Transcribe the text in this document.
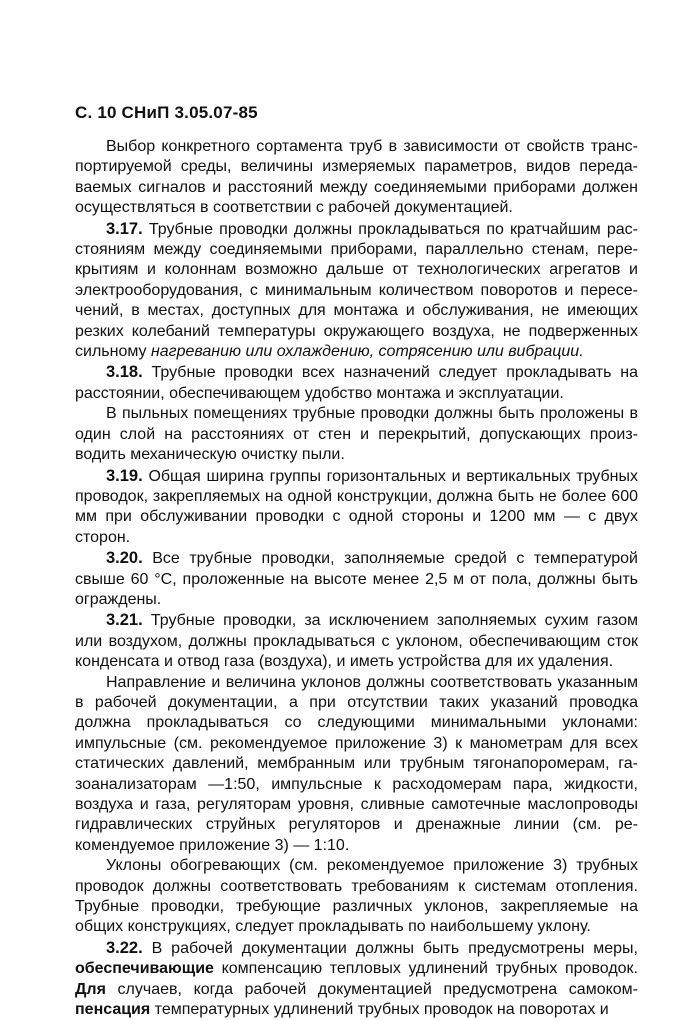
С. 10 СНиП 3.05.07-85

Выбор конкретного сортамента труб в зависимости от свойств транспортируемой среды, величины измеряемых параметров, видов передаваемых сигналов и расстояний между соединяемыми приборами должен осуществляться в соответствии с рабочей документацией.

3.17. Трубные проводки должны прокладываться по кратчайшим расстояниям между соединяемыми приборами, параллельно стенам, перекрытиям и колоннам возможно дальше от технологических агрегатов и электрооборудования, с минимальным количеством поворотов и пересечений, в местах, доступных для монтажа и обслуживания, не имеющих резких колебаний температуры окружающего воздуха, не подверженных сильному нагреванию или охлаждению, сотрясению или вибрации.

3.18. Трубные проводки всех назначений следует прокладывать на расстоянии, обеспечивающем удобство монтажа и эксплуатации.

В пыльных помещениях трубные проводки должны быть проложены в один слой на расстояниях от стен и перекрытий, допускающих производить механическую очистку пыли.

3.19. Общая ширина группы горизонтальных и вертикальных трубных проводок, закрепляемых на одной конструкции, должна быть не более 600 мм при обслуживании проводки с одной стороны и 1200 мм — с двух сторон.

3.20. Все трубные проводки, заполняемые средой с температурой свыше 60 °С, проложенные на высоте менее 2,5 м от пола, должны быть ограждены.

3.21. Трубные проводки, за исключением заполняемых сухим газом или воздухом, должны прокладываться с уклоном, обеспечивающим сток конденсата и отвод газа (воздуха), и иметь устройства для их удаления.

Направление и величина уклонов должны соответствовать указанным в рабочей документации, а при отсутствии таких указаний проводка должна прокладываться со следующими минимальными уклонами: импульсные (см. рекомендуемое приложение 3) к манометрам для всех статических давлений, мембранным или трубным тягонапоромерам, газоанализаторам —1:50, импульсные к расходомерам пара, жидкости, воздуха и газа, регуляторам уровня, сливные самотечные маслопроводы гидравлических струйных регуляторов и дренажные линии (см. рекомендуемое приложение 3) — 1:10.

Уклоны обогревающих (см. рекомендуемое приложение 3) трубных проводок должны соответствовать требованиям к системам отопления. Трубные проводки, требующие различных уклонов, закрепляемые на общих конструкциях, следует прокладывать по наибольшему уклону.

3.22. В рабочей документации должны быть предусмотрены меры, обеспечивающие компенсацию тепловых удлинений трубных проводок. Для случаев, когда рабочей документацией предусмотрена самокомпенсация температурных удлинений трубных проводок на поворотах и
